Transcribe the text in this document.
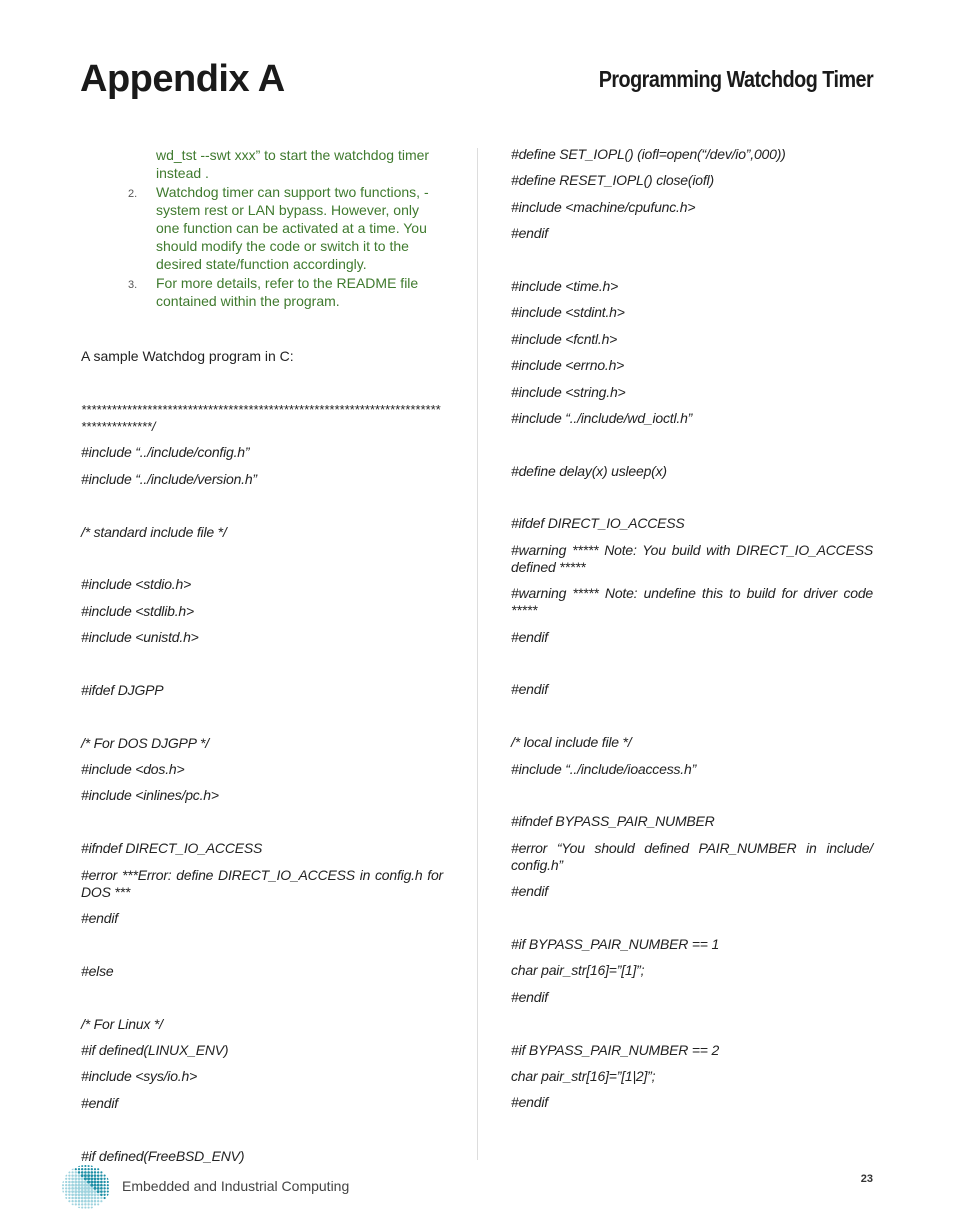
Appendix A	Programming Watchdog Timer
wd_tst --swt xxx” to start the watchdog timer instead .
2. Watchdog timer can support two functions, - system rest or LAN bypass. However, only one function can be activated at a time. You should modify the code or switch it to the desired state/function accordingly.
3. For more details, refer to the README file contained within the program.

A sample Watchdog program in C:

*************************************************************************************/
#include “../include/config.h”
#include “../include/version.h”
/* standard include file */
#include <stdio.h>
#include <stdlib.h>
#include <unistd.h>
#ifdef DJGPP
/* For DOS DJGPP */
#include <dos.h>
#include <inlines/pc.h>
#ifndef DIRECT_IO_ACCESS
#error ***Error: define DIRECT_IO_ACCESS in config.h for DOS ***
#endif
#else
/* For Linux */
#if defined(LINUX_ENV)
#include <sys/io.h>
#endif
#if defined(FreeBSD_ENV)
#define SET_IOPL() (iofl=open(“/dev/io”,000))
#define RESET_IOPL() close(iofl)
#include <machine/cpufunc.h>
#endif
#include <time.h>
#include <stdint.h>
#include <fcntl.h>
#include <errno.h>
#include <string.h>
#include “../include/wd_ioctl.h”
#define delay(x) usleep(x)
#ifdef DIRECT_IO_ACCESS
#warning ***** Note: You build with DIRECT_IO_ACCESS defined *****
#warning ***** Note: undefine this to build for driver code *****
#endif
#endif
/* local include file */
#include “../include/ioaccess.h”
#ifndef BYPASS_PAIR_NUMBER
#error “You should defined PAIR_NUMBER in include/ config.h”
#endif
#if BYPASS_PAIR_NUMBER == 1
char pair_str[16]=”[1]”;
#endif
#if BYPASS_PAIR_NUMBER == 2
char pair_str[16]=”[1|2]”;
#endif

Embedded and Industrial Computing	23
